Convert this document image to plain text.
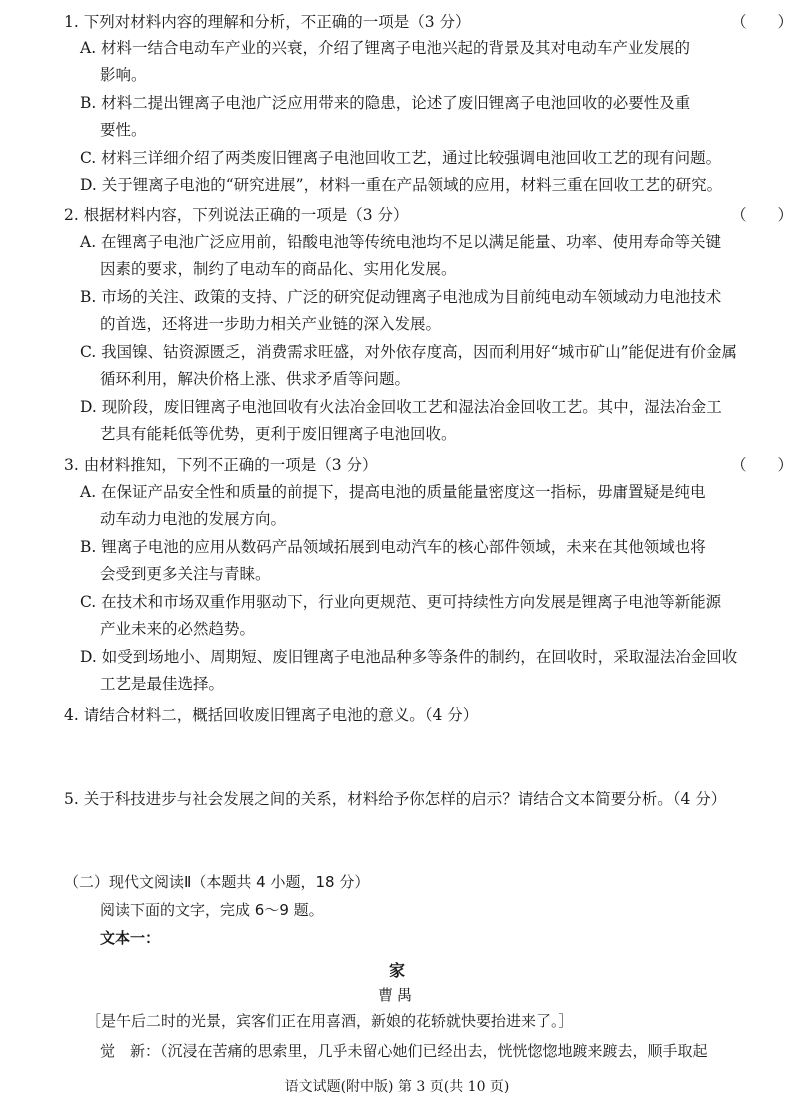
1. 下列对材料内容的理解和分析，不正确的一项是（3 分）	（　　）
A. 材料一结合电动车产业的兴衰，介绍了锂离子电池兴起的背景及其对电动车产业发展的
影响。
B. 材料二提出锂离子电池广泛应用带来的隐患，论述了废旧锂离子电池回收的必要性及重
要性。
C. 材料三详细介绍了两类废旧锂离子电池回收工艺，通过比较强调电池回收工艺的现有问题。
D. 关于锂离子电池的“研究进展”，材料一重在产品领域的应用，材料三重在回收工艺的研究。
2. 根据材料内容，下列说法正确的一项是（3 分）	（　　）
A. 在锂离子电池广泛应用前，铅酸电池等传统电池均不足以满足能量、功率、使用寿命等关键
因素的要求，制约了电动车的商品化、实用化发展。
B. 市场的关注、政策的支持、广泛的研究促动锂离子电池成为目前纯电动车领域动力电池技术
的首选，还将进一步助力相关产业链的深入发展。
C. 我国镍、钴资源匮乏，消费需求旺盛，对外依存度高，因而利用好“城市矿山”能促进有价金属
循环利用，解决价格上涨、供求矛盾等问题。
D. 现阶段，废旧锂离子电池回收有火法冶金回收工艺和湿法冶金回收工艺。其中，湿法冶金工
艺具有能耗低等优势，更利于废旧锂离子电池回收。
3. 由材料推知，下列不正确的一项是（3 分）	（　　）
A. 在保证产品安全性和质量的前提下，提高电池的质量能量密度这一指标，毋庸置疑是纯电
动车动力电池的发展方向。
B. 锂离子电池的应用从数码产品领域拓展到电动汽车的核心部件领域，未来在其他领域也将
会受到更多关注与青睐。
C. 在技术和市场双重作用驱动下，行业向更规范、更可持续性方向发展是锂离子电池等新能源
产业未来的必然趋势。
D. 如受到场地小、周期短、废旧锂离子电池品种多等条件的制约，在回收时，采取湿法冶金回收
工艺是最佳选择。
4. 请结合材料二，概括回收废旧锂离子电池的意义。（4 分）
5. 关于科技进步与社会发展之间的关系，材料给予你怎样的启示？请结合文本简要分析。（4 分）
（二）现代文阅读Ⅱ（本题共 4 小题，18 分）
阅读下面的文字，完成 6～9 题。
文本一：
家
曹禺
［是午后二时的光景，宾客们正在用喜酒，新娘的花轿就快要抬进来了。］
觉　新：（沉浸在苦痛的思索里，几乎未留心她们已经出去，恍恍惚惚地踱来踱去，顺手取起
语文试题(附中版) 第 3 页(共 10 页)
